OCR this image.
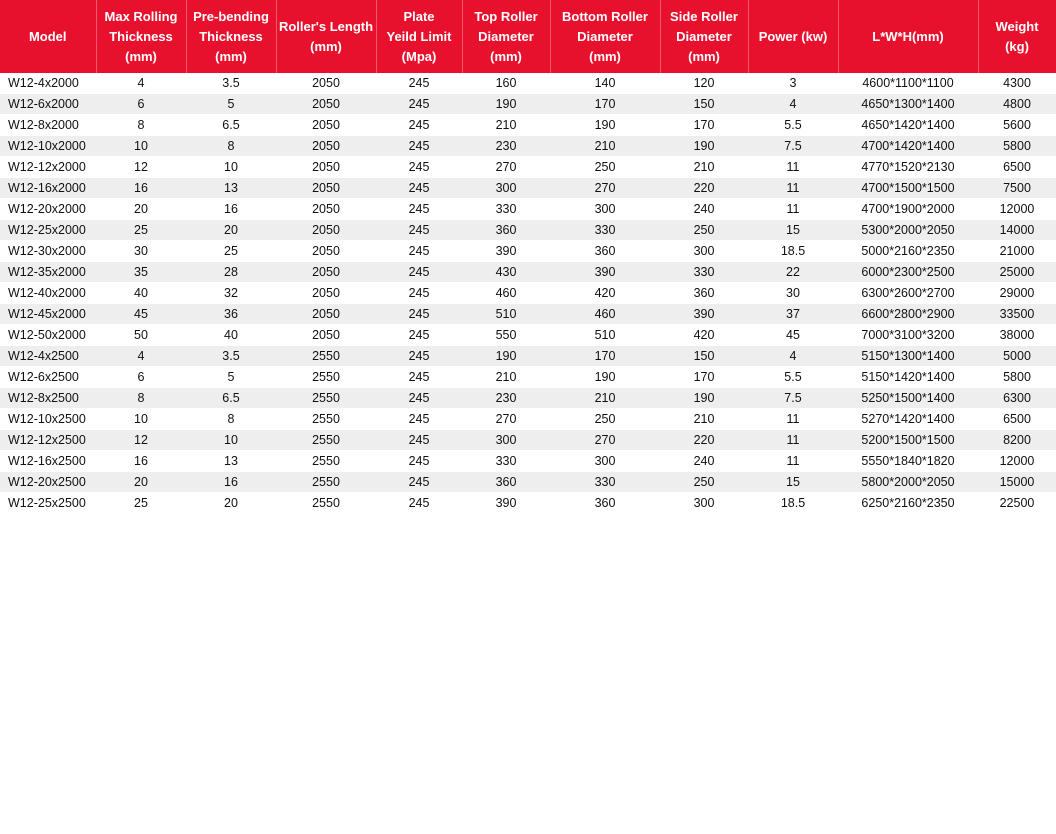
Model	Max Rolling
Thickness
(mm)	Pre-bending
Thickness
(mm)	Roller's Length
(mm)	Plate
Yeild Limit
(Mpa)	Top Roller
Diameter
(mm)	Bottom Roller
Diameter
(mm)	Side Roller
Diameter
(mm)	Power (kw)	L*W*H(mm)	Weight
(kg)

W12-4x2000	4	3.5	2050	245	160	140	120	3	4600*1100*1100	4300
W12-6x2000	6	5	2050	245	190	170	150	4	4650*1300*1400	4800
W12-8x2000	8	6.5	2050	245	210	190	170	5.5	4650*1420*1400	5600
W12-10x2000	10	8	2050	245	230	210	190	7.5	4700*1420*1400	5800
W12-12x2000	12	10	2050	245	270	250	210	11	4770*1520*2130	6500
W12-16x2000	16	13	2050	245	300	270	220	11	4700*1500*1500	7500
W12-20x2000	20	16	2050	245	330	300	240	11	4700*1900*2000	12000
W12-25x2000	25	20	2050	245	360	330	250	15	5300*2000*2050	14000
W12-30x2000	30	25	2050	245	390	360	300	18.5	5000*2160*2350	21000
W12-35x2000	35	28	2050	245	430	390	330	22	6000*2300*2500	25000
W12-40x2000	40	32	2050	245	460	420	360	30	6300*2600*2700	29000
W12-45x2000	45	36	2050	245	510	460	390	37	6600*2800*2900	33500
W12-50x2000	50	40	2050	245	550	510	420	45	7000*3100*3200	38000
W12-4x2500	4	3.5	2550	245	190	170	150	4	5150*1300*1400	5000
W12-6x2500	6	5	2550	245	210	190	170	5.5	5150*1420*1400	5800
W12-8x2500	8	6.5	2550	245	230	210	190	7.5	5250*1500*1400	6300
W12-10x2500	10	8	2550	245	270	250	210	11	5270*1420*1400	6500
W12-12x2500	12	10	2550	245	300	270	220	11	5200*1500*1500	8200
W12-16x2500	16	13	2550	245	330	300	240	11	5550*1840*1820	12000
W12-20x2500	20	16	2550	245	360	330	250	15	5800*2000*2050	15000
W12-25x2500	25	20	2550	245	390	360	300	18.5	6250*2160*2350	22500
